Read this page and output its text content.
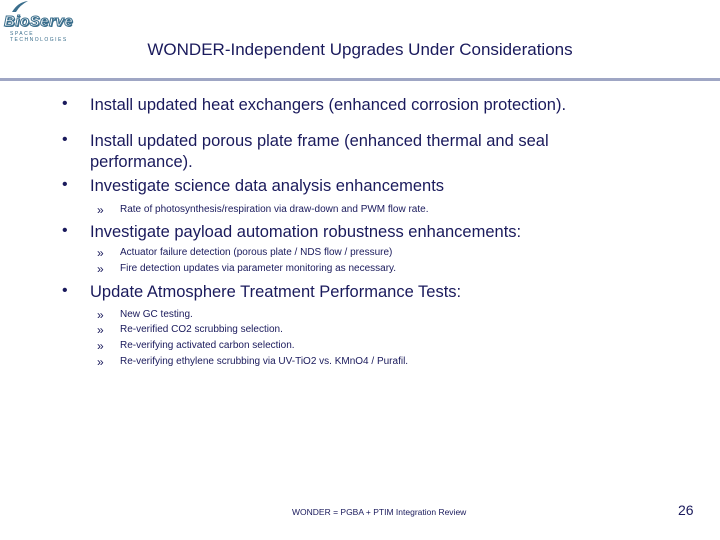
BioServe
SPACE TECHNOLOGIES	WONDER-Independent Upgrades Under Considerations
• Install updated heat exchangers (enhanced corrosion protection).
• Install updated porous plate frame (enhanced thermal and seal performance).
• Investigate science data analysis enhancements
» Rate of photosynthesis/respiration via draw-down and PWM flow rate.
• Investigate payload automation robustness enhancements:
» Actuator failure detection (porous plate / NDS flow / pressure)
» Fire detection updates via parameter monitoring as necessary.
• Update Atmosphere Treatment Performance Tests:
» New GC testing.
» Re-verified CO2 scrubbing selection.
» Re-verifying activated carbon selection.
» Re-verifying ethylene scrubbing via UV-TiO2 vs. KMnO4 / Purafil.
WONDER = PGBA + PTIM Integration Review	26
